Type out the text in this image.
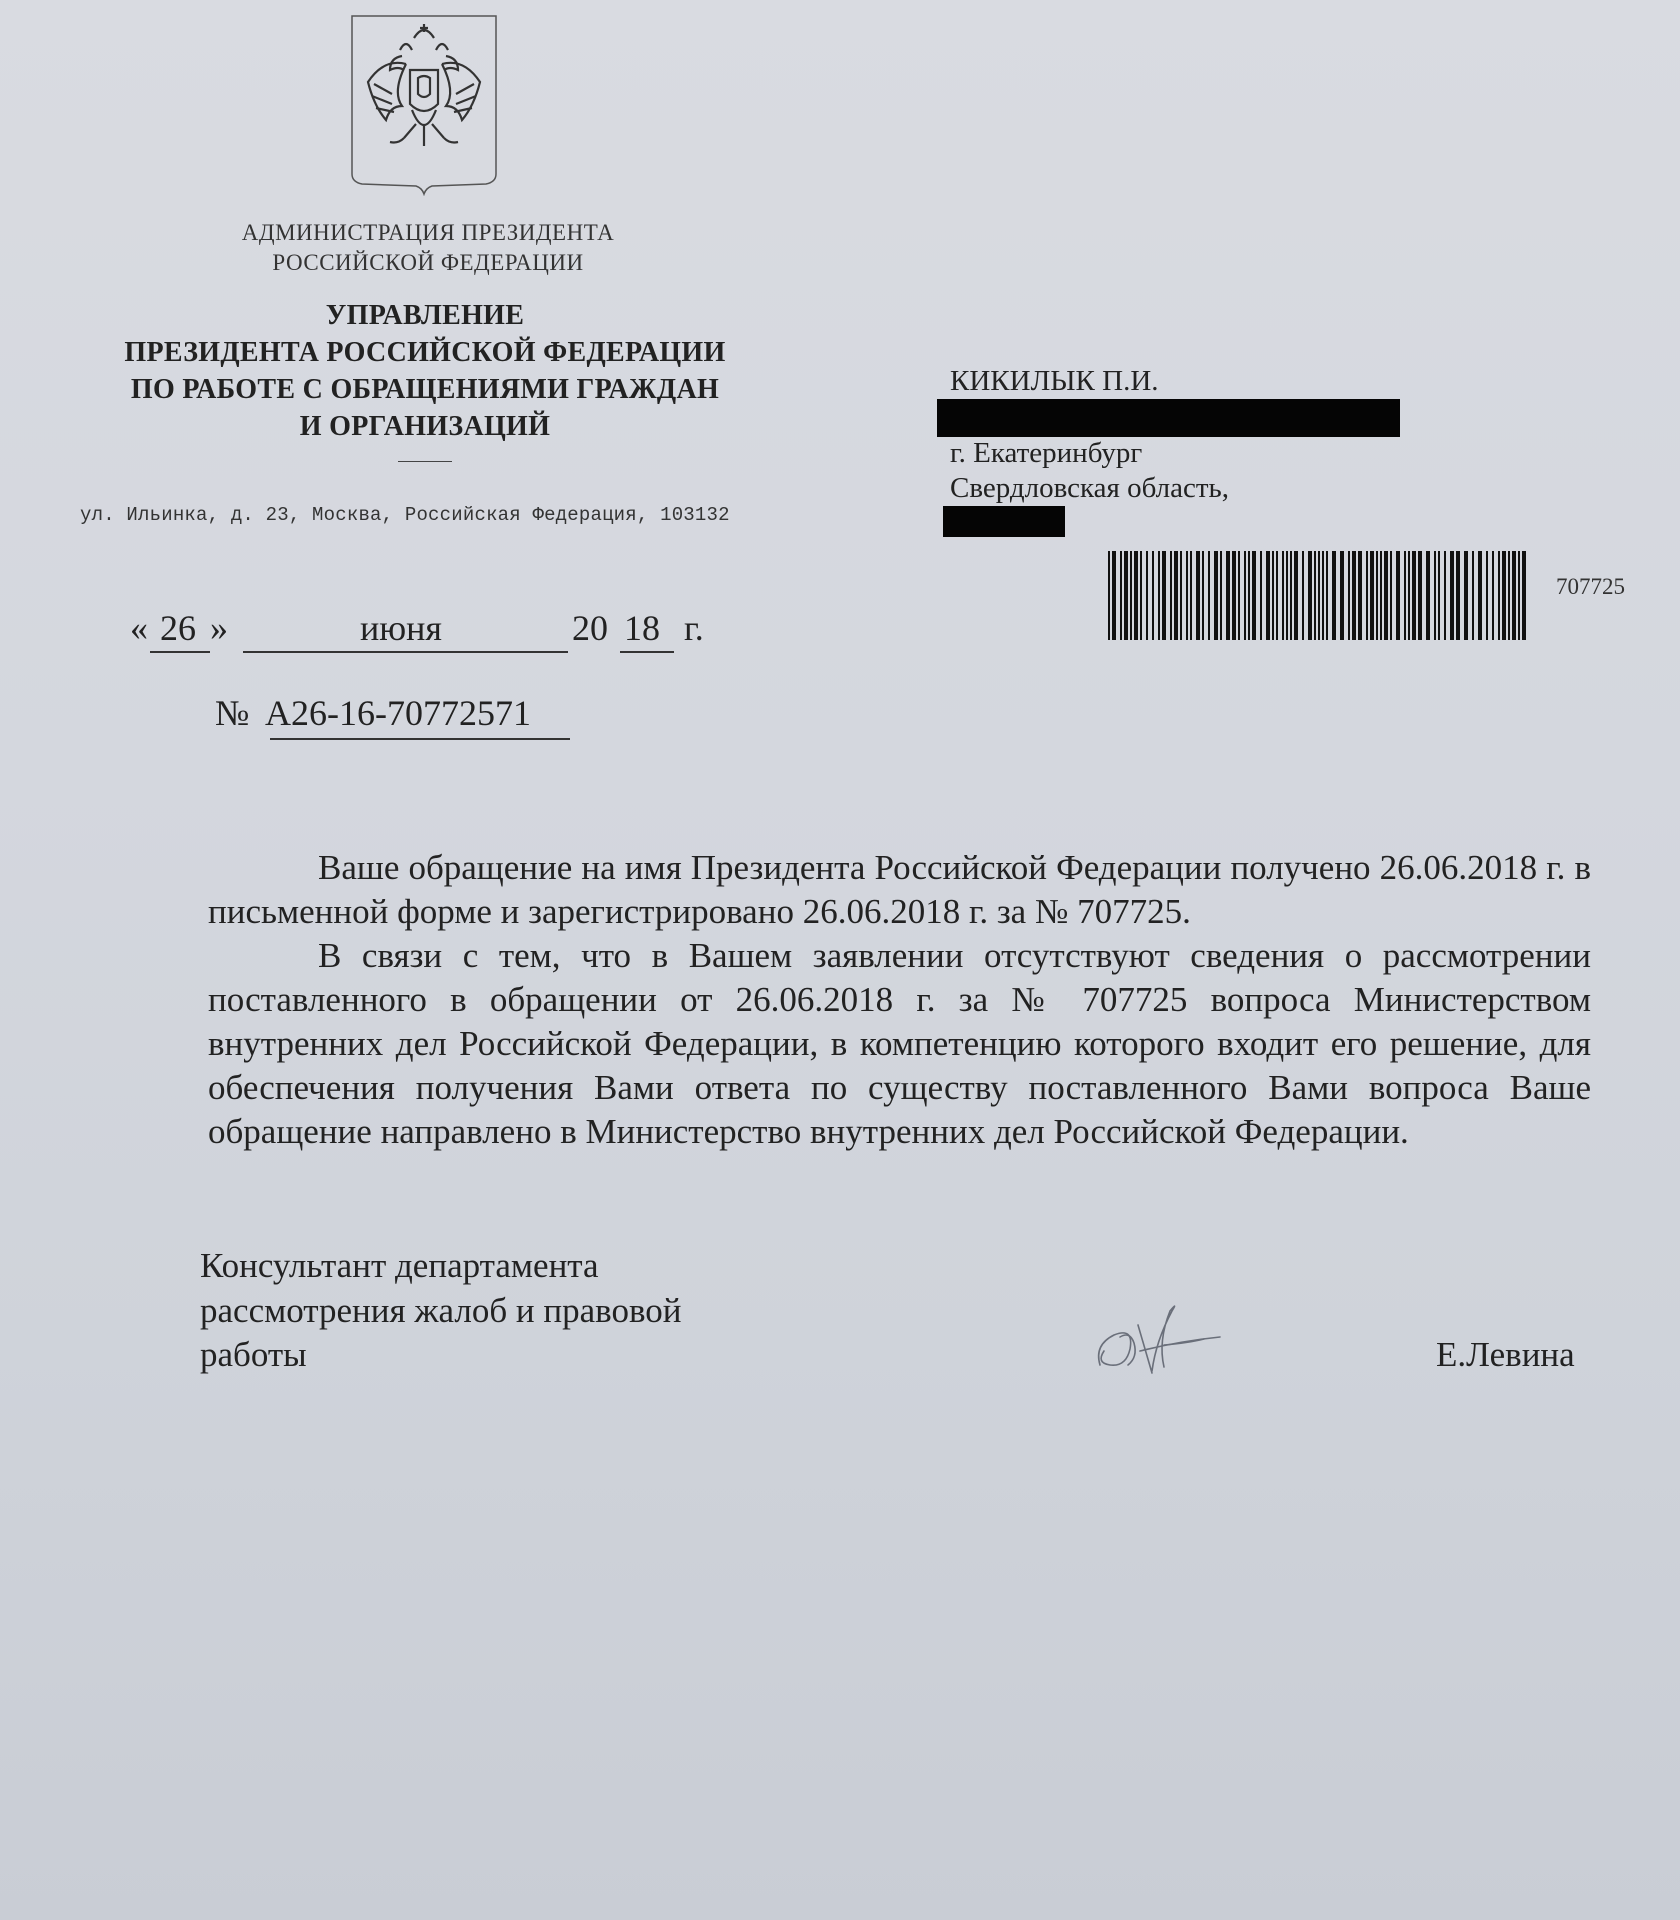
АДМИНИСТРАЦИЯ ПРЕЗИДЕНТА
РОССИЙСКОЙ ФЕДЕРАЦИИ
УПРАВЛЕНИЕ
ПРЕЗИДЕНТА РОССИЙСКОЙ ФЕДЕРАЦИИ
ПО РАБОТЕ С ОБРАЩЕНИЯМИ ГРАЖДАН
И ОРГАНИЗАЦИЙ
ул. Ильинка, д. 23, Москва, Российская Федерация, 103132
« 26 »	июня	20 18 г.
№ А26-16-70772571
КИКИЛЫК П.И.
г. Екатеринбург
Свердловская область,
707725

Ваше обращение на имя Президента Российской Федерации получено 26.06.2018 г. в письменной форме и зарегистрировано 26.06.2018 г. за № 707725.

В связи с тем, что в Вашем заявлении отсутствуют сведения о рассмотрении поставленного в обращении от 26.06.2018 г. за № 707725 вопроса Министерством внутренних дел Российской Федерации, в компетенцию которого входит его решение, для обеспечения получения Вами ответа по существу поставленного Вами вопроса Ваше обращение направлено в Министерство внутренних дел Российской Федерации.

Консультант департамента
рассмотрения жалоб и правовой
работы	Е.Левина
